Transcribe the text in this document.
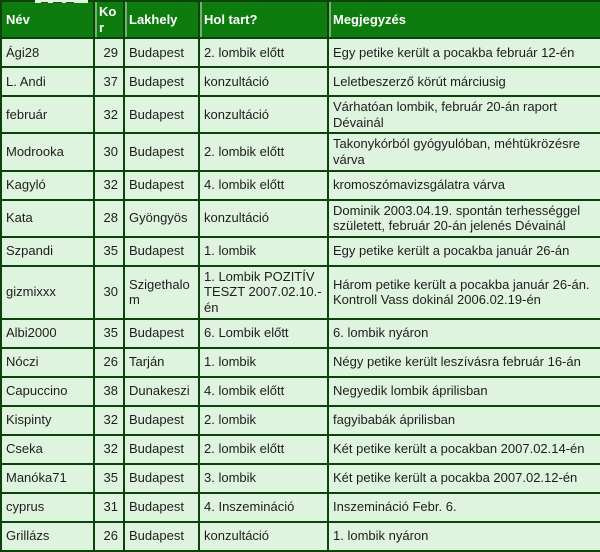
Név	Kor	Lakhely	Hol tart?	Megjegyzés
Ági28	29	Budapest	2. lombik előtt	Egy petike került a pocakba február 12-én
L. Andi	37	Budapest	konzultáció	Leletbeszerző körút márciusig
február	32	Budapest	konzultáció	Várhatóan lombik, február 20-án raport Dévainál
Modrooka	30	Budapest	2. lombik előtt	Takonykórból gyógyulóban, méhtükrözésre várva
Kagyló	32	Budapest	4. lombik előtt	kromoszómavizsgálatra várva
Kata	28	Gyöngyös	konzultáció	Dominik 2003.04.19. spontán terhességgel született, február 20-án jelenés Dévainál
Szpandi	35	Budapest	1. lombik	Egy petike került a pocakba január 26-án
gizmixxx	30	Szigethalom	1. Lombik POZITÍV TESZT 2007.02.10.-én	Három petike került a pocakba január 26-án. Kontroll Vass dokinál 2006.02.19-én
Albi2000	35	Budapest	6. Lombik előtt	6. lombik nyáron
Nóczi	26	Tarján	1. lombik	Négy petike került leszívásra február 16-án
Capuccino	38	Dunakeszi	4. lombik előtt	Negyedik lombik áprilisban
Kispinty	32	Budapest	2. lombik	fagyibabák áprilisban
Cseka	32	Budapest	2. lombik előtt	Két petike került a pocakban 2007.02.14-én
Manóka71	35	Budapest	3. lombik	Két petike került a pocakba 2007.02.12-én
cyprus	31	Budapest	4. Inszemináció	Inszemináció Febr. 6.
Grillázs	26	Budapest	konzultáció	1. lombik nyáron
